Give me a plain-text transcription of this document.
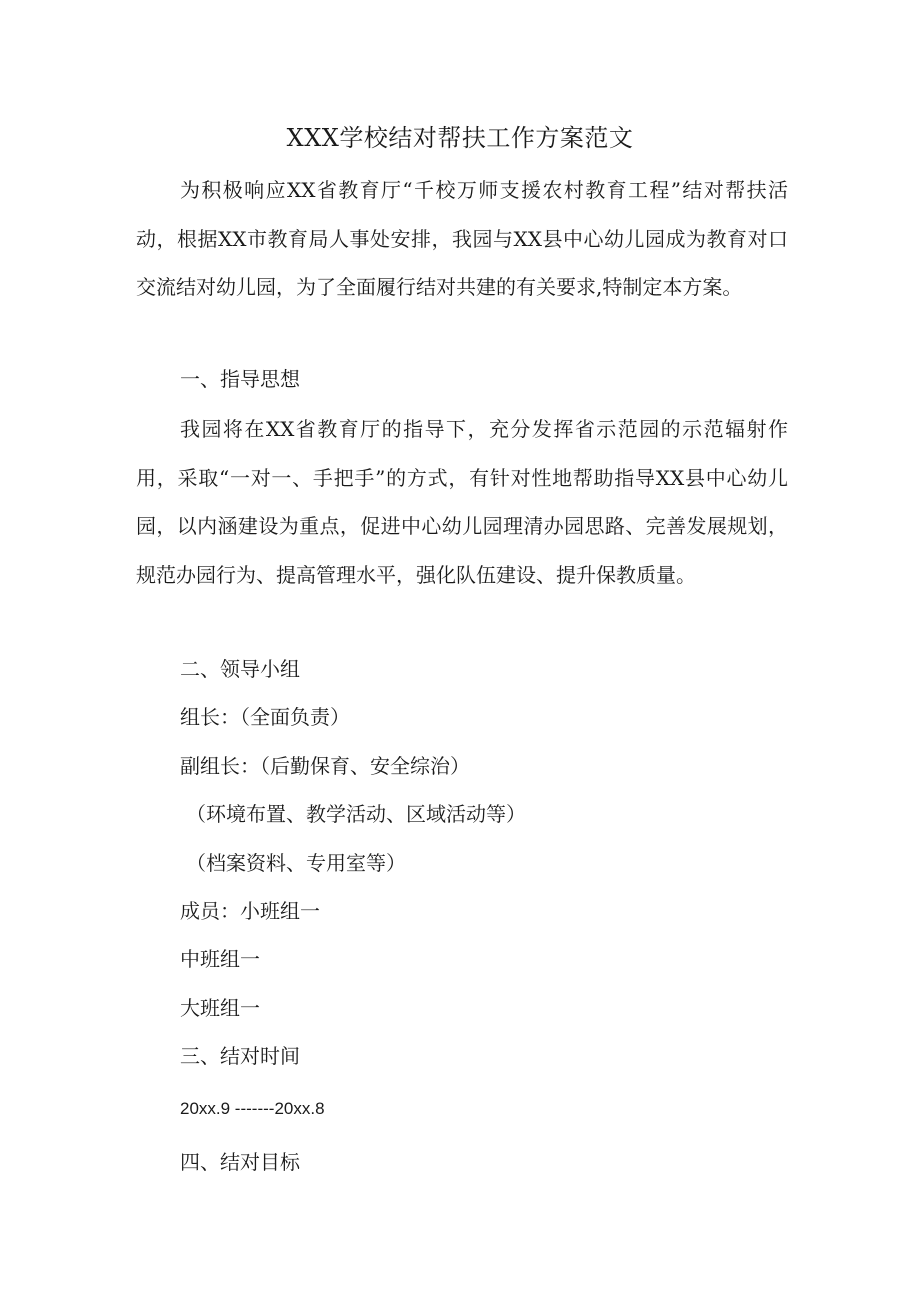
XXX学校结对帮扶工作方案范文

为积极响应XX省教育厅“千校万师支援农村教育工程”结对帮扶活动，根据XX市教育局人事处安排，我园与XX县中心幼儿园成为教育对口交流结对幼儿园，为了全面履行结对共建的有关要求,特制定本方案。

一、指导思想

我园将在XX省教育厅的指导下，充分发挥省示范园的示范辐射作用，采取“一对一、手把手”的方式，有针对性地帮助指导XX县中心幼儿园，以内涵建设为重点，促进中心幼儿园理清办园思路、完善发展规划，规范办园行为、提高管理水平，强化队伍建设、提升保教质量。

二、领导小组
组长：（全面负责）
副组长：（后勤保育、安全综治）
（环境布置、教学活动、区域活动等）
（档案资料、专用室等）
成员：小班组一
中班组一
大班组一
三、结对时间
20xx.9 -------20xx.8
四、结对目标
